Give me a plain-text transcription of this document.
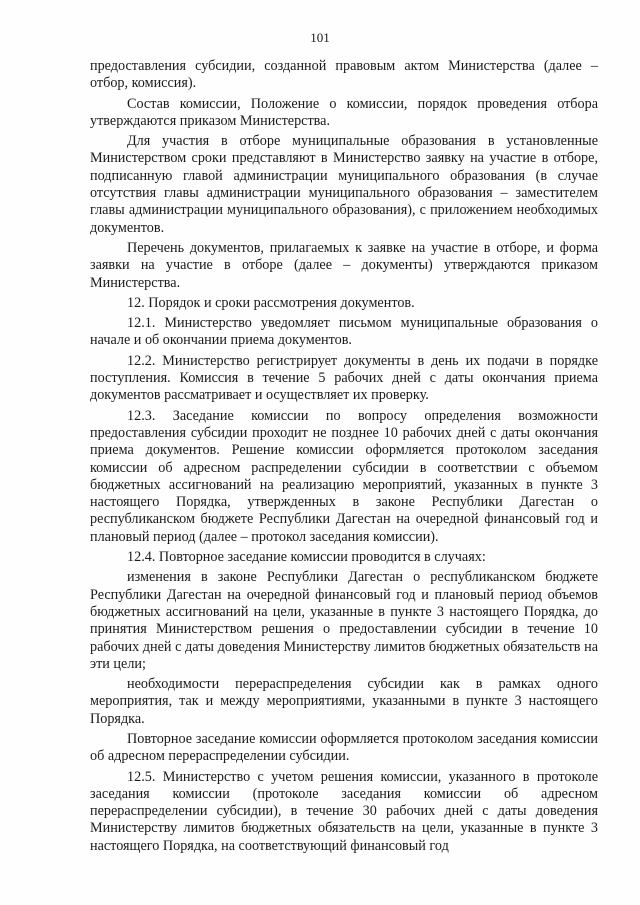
101

предоставления субсидии, созданной правовым актом Министерства (далее – отбор, комиссия).

Состав комиссии, Положение о комиссии, порядок проведения отбора утверждаются приказом Министерства.

Для участия в отборе муниципальные образования в установленные Министерством сроки представляют в Министерство заявку на участие в отборе, подписанную главой администрации муниципального образования (в случае отсутствия главы администрации муниципального образования – заместителем главы администрации муниципального образования), с приложением необходимых документов.

Перечень документов, прилагаемых к заявке на участие в отборе, и форма заявки на участие в отборе (далее – документы) утверждаются приказом Министерства.

12. Порядок и сроки рассмотрения документов.

12.1. Министерство уведомляет письмом муниципальные образования о начале и об окончании приема документов.

12.2. Министерство регистрирует документы в день их подачи в порядке поступления. Комиссия в течение 5 рабочих дней с даты окончания приема документов рассматривает и осуществляет их проверку.

12.3. Заседание комиссии по вопросу определения возможности предоставления субсидии проходит не позднее 10 рабочих дней с даты окончания приема документов. Решение комиссии оформляется протоколом заседания комиссии об адресном распределении субсидии в соответствии с объемом бюджетных ассигнований на реализацию мероприятий, указанных в пункте 3 настоящего Порядка, утвержденных в законе Республики Дагестан о республиканском бюджете Республики Дагестан на очередной финансовый год и плановый период (далее – протокол заседания комиссии).

12.4. Повторное заседание комиссии проводится в случаях:

изменения в законе Республики Дагестан о республиканском бюджете Республики Дагестан на очередной финансовый год и плановый период объемов бюджетных ассигнований на цели, указанные в пункте 3 настоящего Порядка, до принятия Министерством решения о предоставлении субсидии в течение 10 рабочих дней с даты доведения Министерству лимитов бюджетных обязательств на эти цели;

необходимости перераспределения субсидии как в рамках одного мероприятия, так и между мероприятиями, указанными в пункте 3 настоящего Порядка.

Повторное заседание комиссии оформляется протоколом заседания комиссии об адресном перераспределении субсидии.

12.5. Министерство с учетом решения комиссии, указанного в протоколе заседания комиссии (протоколе заседания комиссии об адресном перераспределении субсидии), в течение 30 рабочих дней с даты доведения Министерству лимитов бюджетных обязательств на цели, указанные в пункте 3 настоящего Порядка, на соответствующий финансовый год
